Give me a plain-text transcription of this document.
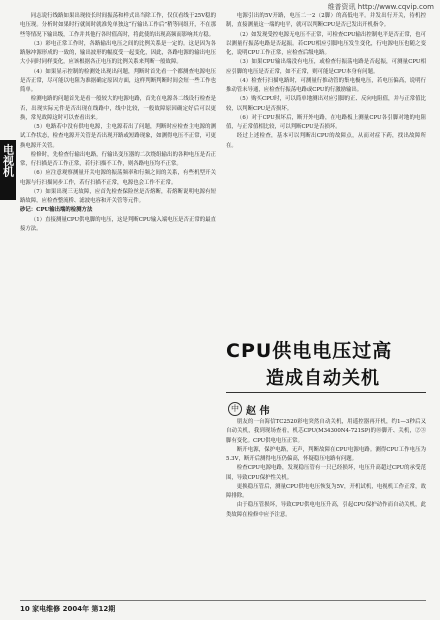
维普资讯 http://www.cqvip.com
电视机

同志说行线路如果出现较长时间振荡和样式出当除工作，仅仅看线于25V稳的电压现。分析时如果时行就间时就准免单独这“行输出工作后”稍等同组开，不在那些等情况下输出级，工作并其他行各时值高时，将此使的出现高频而影响其方稳。

（3）彩电正常工作时，各路输出电压之间的比例关系是一定的。这是因为各路脉冲源形成的一致的，输出波形的幅度受一起变化，因此，各路电源的输出电压大小同时同样变化，应该根据各正电压的比例关系来判断一般故障。

（4）如果显示控制的检测处出现出问题，判断时首先看一个都测查电源电压是否正常，尽可能以电阻为准据确定原因方面，这样判断判断时间会短一些工作也简单。

检测电路的问题首先是看一般较大的电源电路，首先在电源各二线设行检查是否，出现实际元件是否出现在线路中，线中比较，一般故障原因确定好后可以更换，常见故障这时可以查看出来。

（5）电路若中没有供电电源，主电源若出了问题，判断时应检查主电源的测试工作状态，检查电源开关管是否出现开路或短路现象，如测得电压不正常，可更换电源开关管。

检修时，先检查行输出电路，行输出变压器的二次绕组输出的各种电压是否正常，行扫描是否工作正常，若行扫描不工作，则各路电压均不正常。

（6）应注意观察测量开关电源的振荡频率和行频之间的关系，有些机型开关电源与行扫描同步工作，若行扫描不正常，电源也会工作不正常。

（7）如果出现三无故障，应首先检查保险丝是否熔断，若熔断说明电源有短路故障，应检查整流桥、滤波电容和开关管等元件。

砂记：CPU输出端的检测方法

（1）直接测量CPU供电脚的电压，这是判断CPU输入端电压是否正常的最直接方法。

电源引出的5V开路，电压二一2（2脚）的高低电平。并发出行开关，待机控制，直接测量这一端的电平，就可以判断CPU是否已发出开机指令。

（2）如发现受控电源无电压不正常，可检查CPU输出控制电平是否正常，也可以测量行振荡电路是否起振。若CPU相应引脚电压发生变化，行电源电压也随之变化，说明CPU工作正常，应检查后级电路。

（3）如果CPU输出端没有电压，或检查行振荡电路是否起振，可测量CPU相应引脚的电压是否正常，如不正常，则可能是CPU本身有问题。

（4）检查行扫描电路时，可测量行推动管的集电极电压，若电压偏高，说明行推动管未导通，应检查行振荡电路或CPU的行激励输出。

（5）购买CPU时，可以简单地测出对应引脚的正、反向电阻值，并与正常值比较，以判断CPU是否损坏。

（6）对于CPU损坏后，断开外电路，在电路板上测量CPU各引脚对地的电阻值，与正常值相比较，可以判断CPU是否损坏。

经过上述检查，基本可以判断出CPU的故障点，从而对症下药，找出故障所在。

CPU供电电压过高
造成自动关机
中 赵 伟

朋友的一台海信TC2520彩电突然自动关机，用遥控器再开机，约1—3秒后又自动关机，我到现场查看，机芯CPU(M34300N4-721SP)的⑩脚开、关机，②③脚有变化。CPU供电电压正常。

断开电源，保护电路，无声，判断故障在CPU电源电路。测得CPU工作电压为5.3V，断开后测得电压仍偏高，怀疑稳压电路有问题。

检查CPU电源电路，发现稳压管有一只已经损坏，电压升高超过CPU的承受范围，导致CPU保护性关机。

更换稳压管后，测量CPU供电电压恢复为5V，开机试机，电视机工作正常，故障排除。

由于稳压管损坏，导致CPU供电电压升高，引起CPU保护动作而自动关机，此类故障在检修中应予注意。

10 家电维修 2004年 第12期
